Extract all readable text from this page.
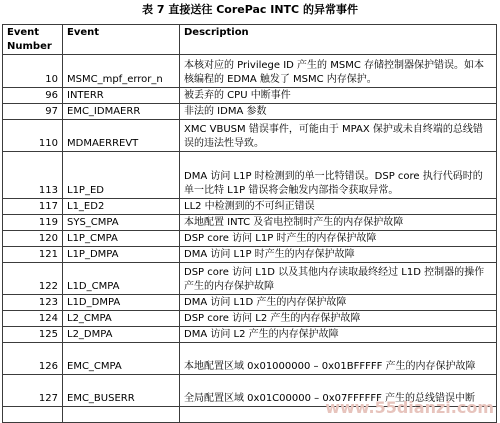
表 7 直接送往 CorePac INTC 的异常事件
Event Number	Event	Description
10	MSMC_mpf_error_n	本核对应的 Privilege ID 产生的 MSMC 存储控制器保护错误。如本核编程的 EDMA 触发了 MSMC 内存保护。
96	INTERR	被丢弃的 CPU 中断事件
97	EMC_IDMAERR	非法的 IDMA 参数
110	MDMAERREVT	XMC VBUSM 错误事件，可能由于 MPAX 保护或未自终端的总线错误的违法性导致。
113	L1P_ED	DMA 访问 L1P 时检测到的单一比特错误。DSP core 执行代码时的单一比特 L1P 错误将会触发内部指令获取异常。
117	L1_ED2	LL2 中检测到的不可纠正错误
119	SYS_CMPA	本地配置 INTC 及省电控制时产生的内存保护故障
120	L1P_CMPA	DSP core 访问 L1P 时产生的内存保护故障
121	L1P_DMPA	DMA 访问 L1P 时产生的内存保护故障
122	L1D_CMPA	DSP core 访问 L1D 以及其他内存读取最终经过 L1D 控制器的操作产生的内存保护故障
123	L1D_DMPA	DMA 访问 L1D 产生的内存保护故障
124	L2_CMPA	DSP core 访问 L2 产生的内存保护故障
125	L2_DMPA	DMA 访问 L2 产生的内存保护故障
126	EMC_CMPA	本地配置区域 0x01000000 – 0x01BFFFFF 产生的内存保护故障
127	EMC_BUSERR	全局配置区域 0x01C00000 – 0x07FFFFFF 产生的总线错误中断

www.55dianzi.com
